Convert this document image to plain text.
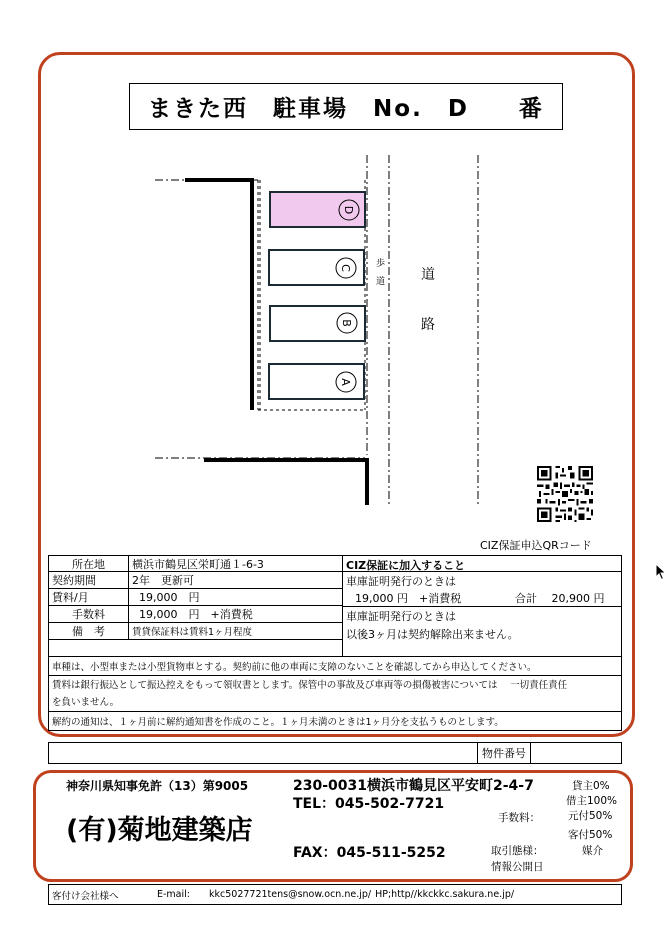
まきた西　駐車場　No.　D　　番
D
C
B
A
歩　道	道
路
CIZ保証申込QRコード
所在地	横浜市鶴見区栄町通１-6-3
契約期間	2年　更新可
賃料/月	19,000　円
手数料	19,000　円　+消費税
備　考	賃貸保証料は賃料1ヶ月程度
CIZ保証に加入すること
車庫証明発行のときは
19,000 円　+消費税	合計　 20,900 円
車庫証明発行のときは
以後3ヶ月は契約解除出来ません。
車種は、小型車または小型貨物車とする。契約前に他の車両に支障のないことを確認してから申込してください。
賃料は銀行振込として振込控えをもって領収書とします。保管中の事故及び車両等の損傷被害については　 一切責任責任
を負いません。
解約の通知は、１ヶ月前に解約通知書を作成のこと。１ヶ月未満のときは1ヶ月分を支払うものとします。
物件番号
神奈川県知事免許（13）第9005	230-0031横浜市鶴見区平安町2-4-7
TEL：045-502-7721
(有)菊地建築店
FAX：045-511-5252
貸主0%
借主100%
手数料：	元付50%
客付50%
取引態様：	媒介
情報公開日
客付け会社様へ	E-mail:	kkc5027721tens@snow.ocn.ne.jp/ HP;http//kkckkc.sakura.ne.jp/
